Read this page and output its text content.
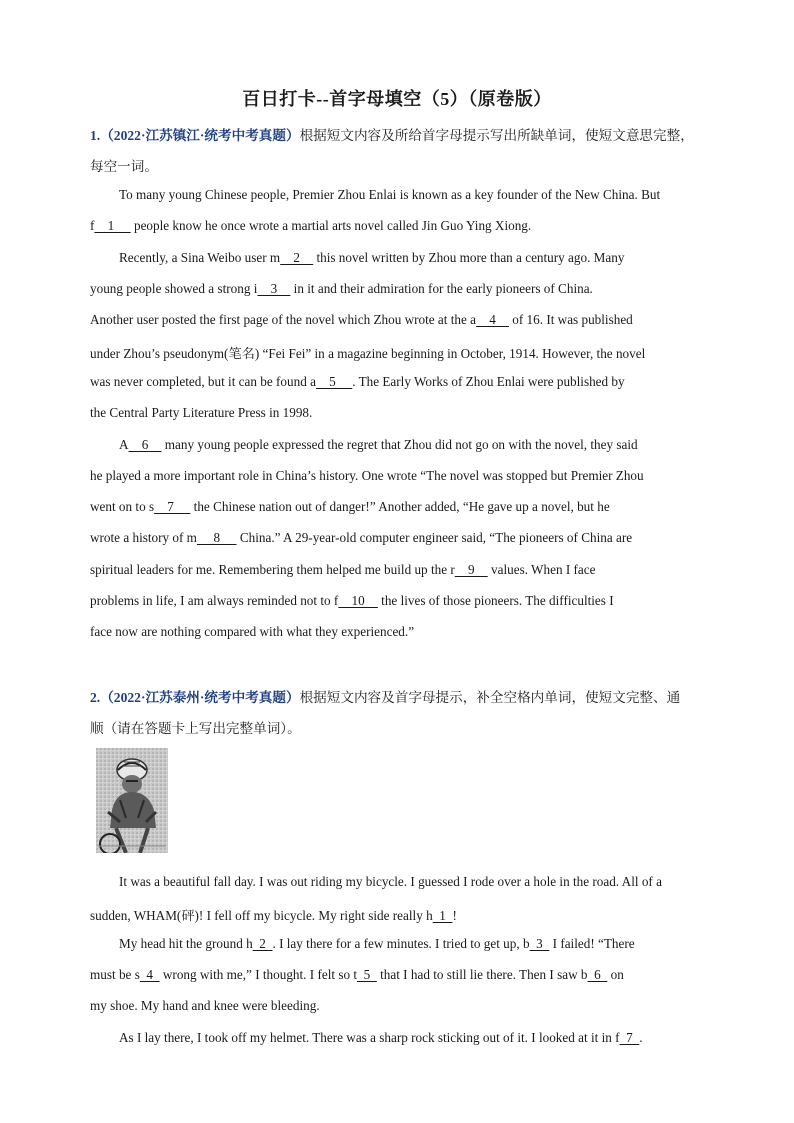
百日打卡--首字母填空（5）（原卷版）
1.（2022·江苏镇江·统考中考真题）根据短文内容及所给首字母提示写出所缺单词，使短文意思完整，
每空一词。
To many young Chinese people, Premier Zhou Enlai is known as a key founder of the New China. But
f    1      people know he once wrote a martial arts novel called Jin Guo Ying Xiong.
Recently, a Sina Weibo user m    2     this novel written by Zhou more than a century ago. Many
young people showed a strong i    3     in it and their admiration for the early pioneers of China.
Another user posted the first page of the novel which Zhou wrote at the a    4     of 16. It was published
under Zhou’s pseudonym(笔名) “Fei Fei” in a magazine beginning in October, 1914. However, the novel
was never completed, but it can be found a    5     . The Early Works of Zhou Enlai were published by
the Central Party Literature Press in 1998.
A    6     many young people expressed the regret that Zhou did not go on with the novel, they said
he played a more important role in China’s history. One wrote “The novel was stopped but Premier Zhou
went on to s    7      the Chinese nation out of danger!” Another added, “He gave up a novel, but he
wrote a history of m     8      China.” A 29-year-old computer engineer said, “The pioneers of China are
spiritual leaders for me. Remembering them helped me build up the r    9     values. When I face
problems in life, I am always reminded not to f    10     the lives of those pioneers. The difficulties I
face now are nothing compared with what they experienced.”
2.（2022·江苏泰州·统考中考真题）根据短文内容及首字母提示，补全空格内单词，使短文完整、通
顺（请在答题卡上写出完整单词）。
It was a beautiful fall day. I was out riding my bicycle. I guessed I rode over a hole in the road. All of a
sudden, WHAM(砰)! I fell off my bicycle. My right side really h  1  !
My head hit the ground h  2  . I lay there for a few minutes. I tried to get up, b  3   I failed! “There
must be s  4   wrong with me,” I thought. I felt so t  5   that I had to still lie there. Then I saw b  6   on
my shoe. My hand and knee were bleeding.
As I lay there, I took off my helmet. There was a sharp rock sticking out of it. I looked at it in f  7  .
